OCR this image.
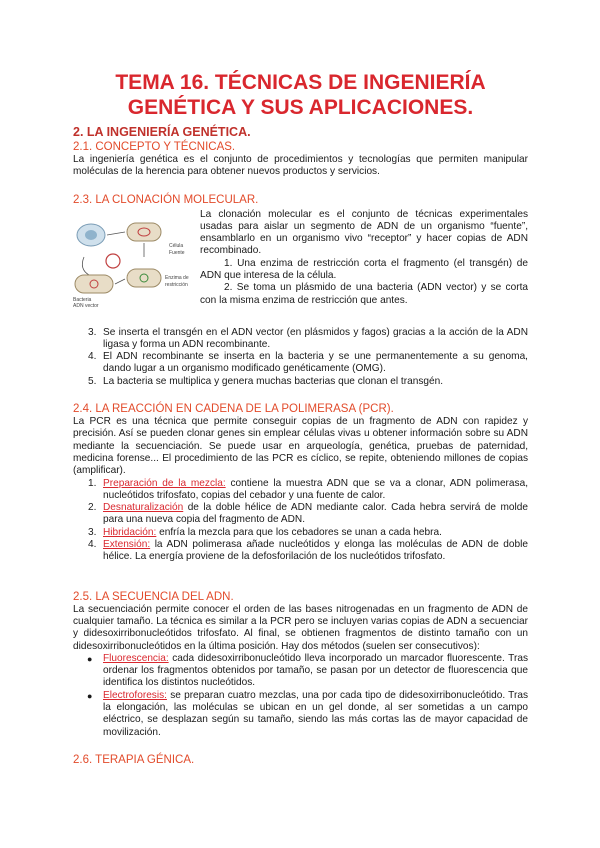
TEMA 16. TÉCNICAS DE INGENIERÍA GENÉTICA Y SUS APLICACIONES.
2. LA INGENIERÍA GENÉTICA.
2.1. CONCEPTO Y TÉCNICAS.

La ingeniería genética es el conjunto de procedimientos y tecnologías que permiten manipular moléculas de la herencia para obtener nuevos productos y servicios.

2.3. LA CLONACIÓN MOLECULAR.
Célula
Fuente
Enzima de
restricción
Bacteria
ADN vector

La clonación molecular es el conjunto de técnicas experimentales usadas para aislar un segmento de ADN de un organismo “fuente”, ensamblarlo en un organismo vivo “receptor” y hacer copias de ADN recombinado.

1. Una enzima de restricción corta el fragmento (el transgén) de ADN que interesa de la célula.

2. Se toma un plásmido de una bacteria (ADN vector) y se corta con la misma enzima de restricción que antes.

3. Se inserta el transgén en el ADN vector (en plásmidos y fagos) gracias a la acción de la ADN ligasa y forma un ADN recombinante.
4. El ADN recombinante se inserta en la bacteria y se une permanentemente a su genoma, dando lugar a un organismo modificado genéticamente (OMG).
5. La bacteria se multiplica y genera muchas bacterias que clonan el transgén.
2.4. LA REACCIÓN EN CADENA DE LA POLIMERASA (PCR).

La PCR es una técnica que permite conseguir copias de un fragmento de ADN con rapidez y precisión. Así se pueden clonar genes sin emplear células vivas u obtener información sobre su ADN mediante la secuenciación. Se puede usar en arqueología, genética, pruebas de paternidad, medicina forense... El procedimiento de las PCR es cíclico, se repite, obteniendo millones de copias (amplificar).

1. Preparación de la mezcla: contiene la muestra ADN que se va a clonar, ADN polimerasa, nucleótidos trifosfato, copias del cebador y una fuente de calor.
2. Desnaturalización de la doble hélice de ADN mediante calor. Cada hebra servirá de molde para una nueva copia del fragmento de ADN.
3. Hibridación: enfría la mezcla para que los cebadores se unan a cada hebra.
4. Extensión: la ADN polimerasa añade nucleótidos y elonga las moléculas de ADN de doble hélice. La energía proviene de la defosforilación de los nucleótidos trifosfato.
2.5. LA SECUENCIA DEL ADN.

La secuenciación permite conocer el orden de las bases nitrogenadas en un fragmento de ADN de cualquier tamaño. La técnica es similar a la PCR pero se incluyen varias copias de ADN a secuenciar y didesoxirribonucleótidos trifosfato. Al final, se obtienen fragmentos de distinto tamaño con un didesoxirribonucleótidos en la última posición. Hay dos métodos (suelen ser consecutivos):

● Fluorescencia: cada didesoxirribonucleótido lleva incorporado un marcador fluorescente. Tras ordenar los fragmentos obtenidos por tamaño, se pasan por un detector de fluorescencia que identifica los distintos nucleótidos.
● Electroforesis: se preparan cuatro mezclas, una por cada tipo de didesoxirribonucleótido. Tras la elongación, las moléculas se ubican en un gel donde, al ser sometidas a un campo eléctrico, se desplazan según su tamaño, siendo las más cortas las de mayor capacidad de movilización.
2.6. TERAPIA GÉNICA.
